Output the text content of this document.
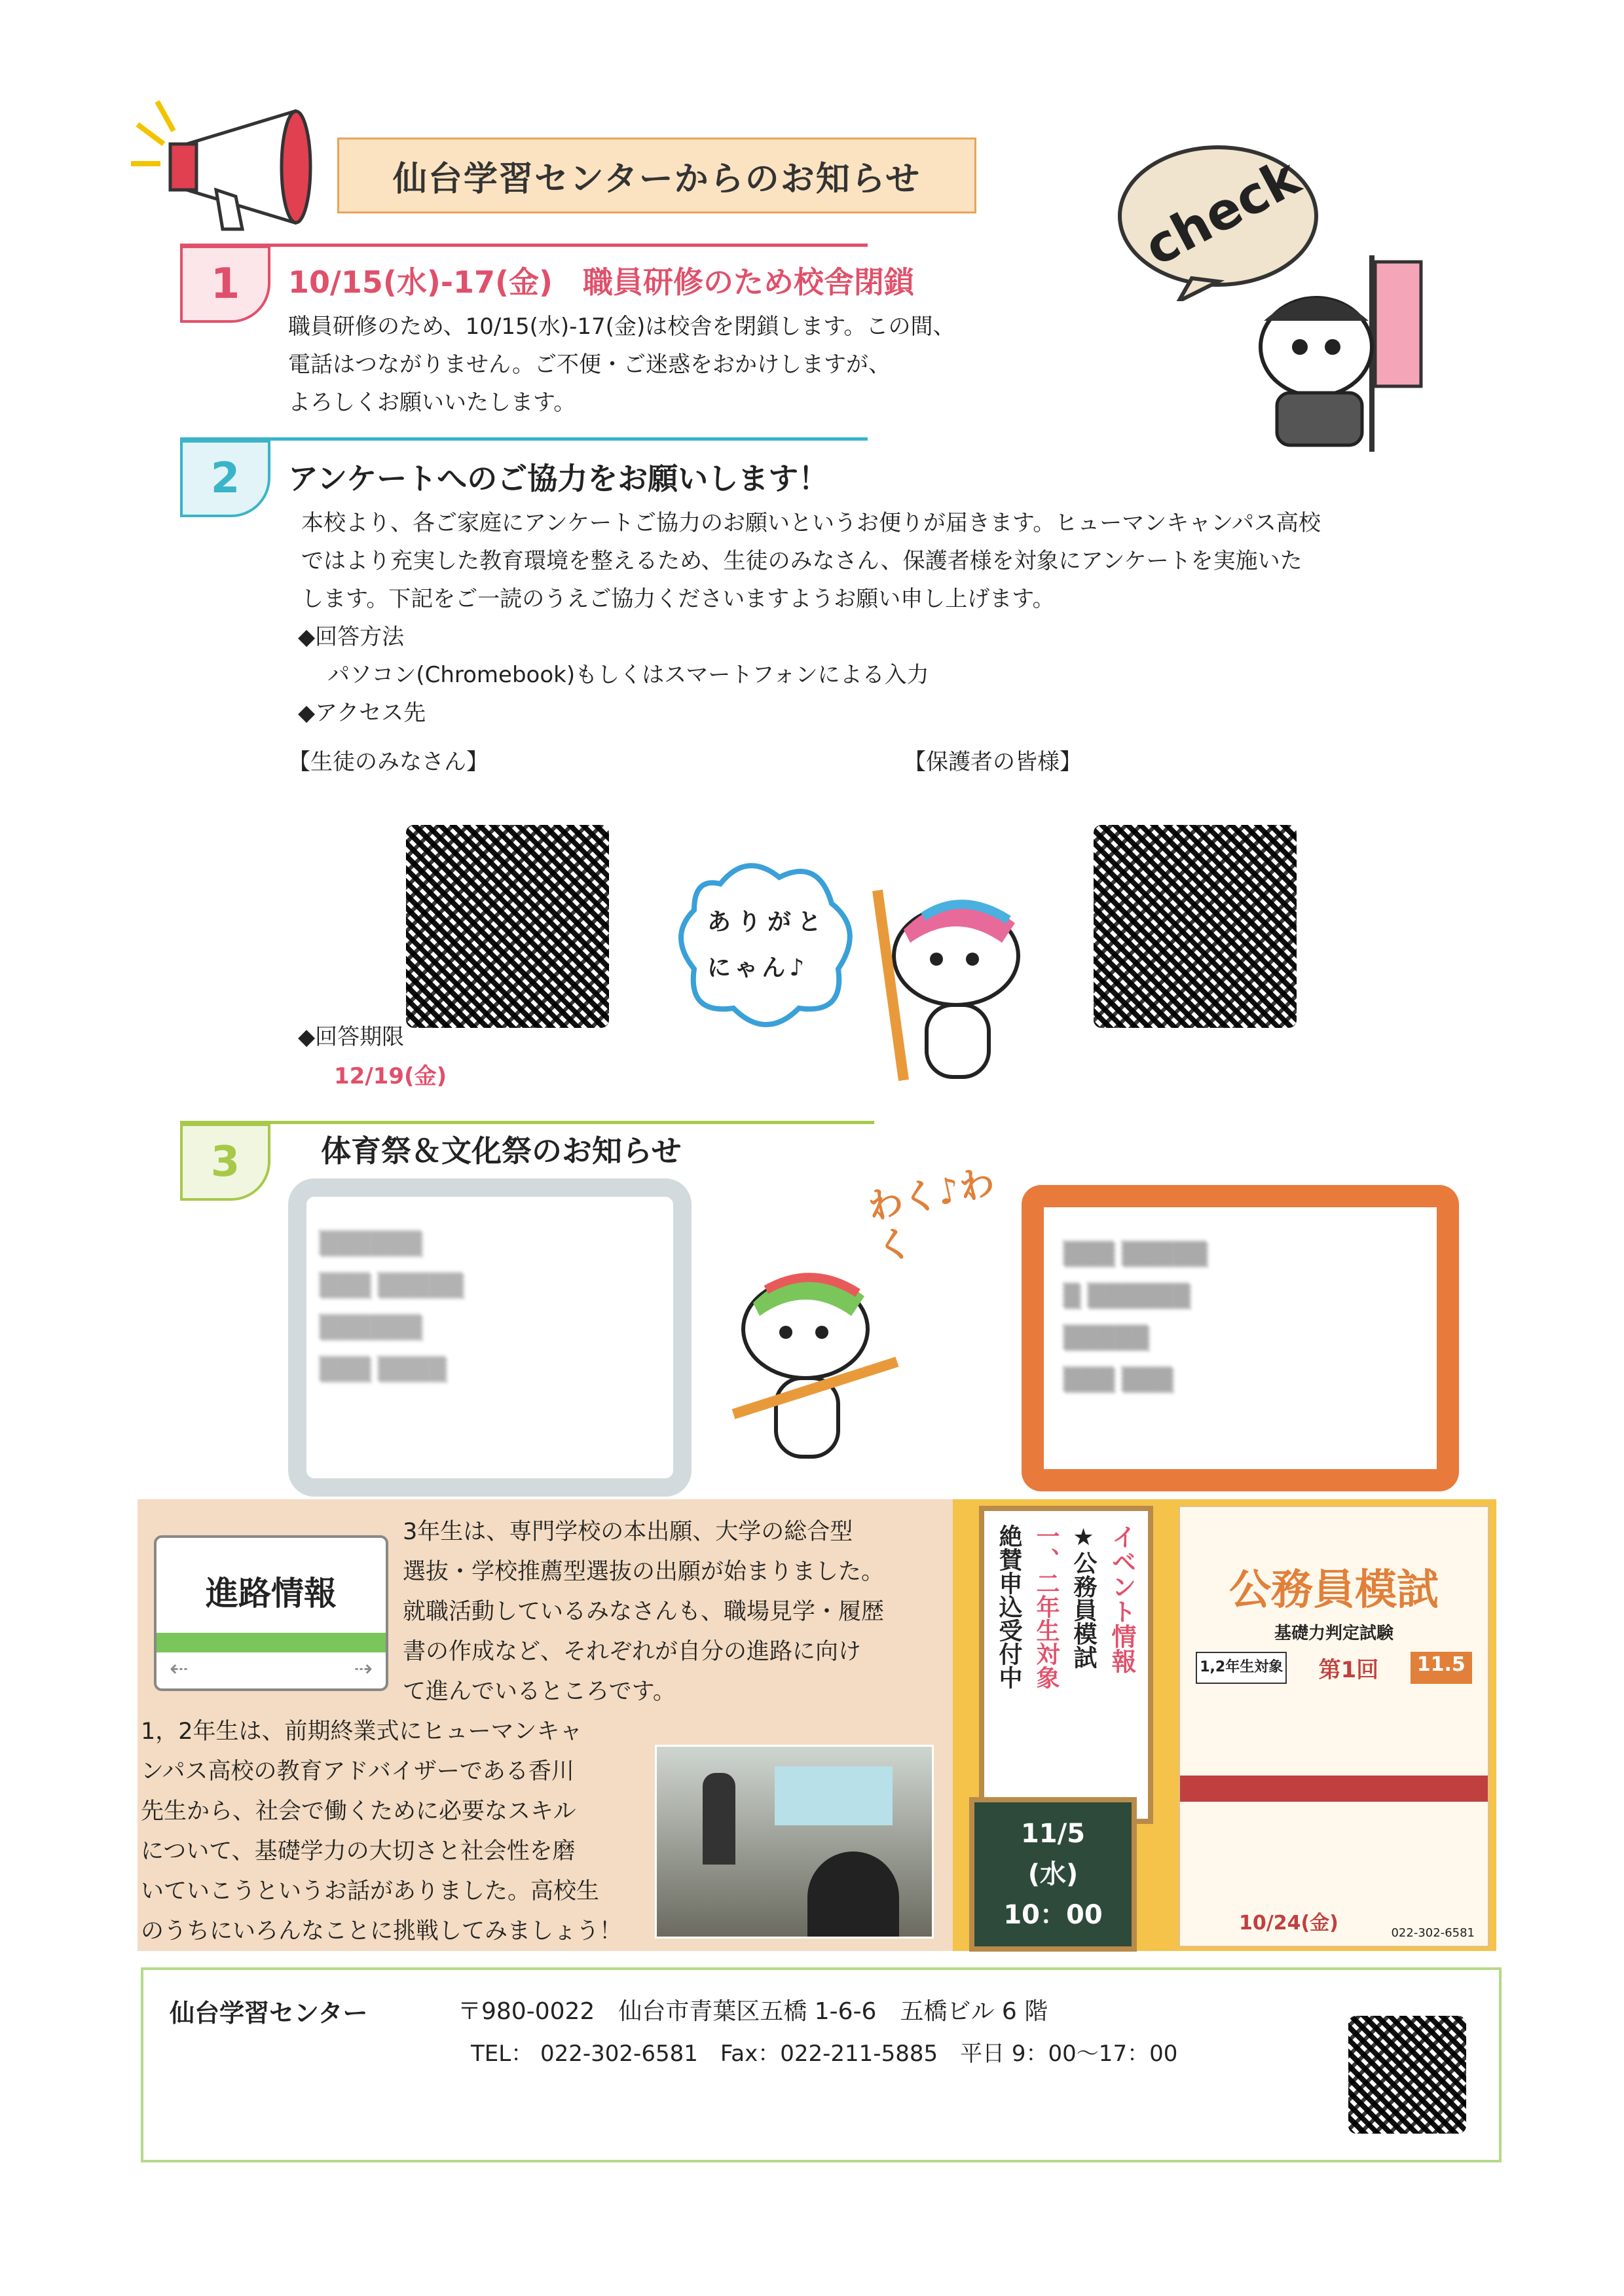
仙台学習センターからのお知らせ	check
1	10/15(水)-17(金)　職員研修のため校舎閉鎖
職員研修のため、10/15(水)-17(金)は校舎を閉鎖します。この間、
電話はつながりません。ご不便・ご迷惑をおかけしますが、
よろしくお願いいたします。
2	アンケートへのご協力をお願いします！
本校より、各ご家庭にアンケートご協力のお願いというお便りが届きます。ヒューマンキャンパス高校
ではより充実した教育環境を整えるため、生徒のみなさん、保護者様を対象にアンケートを実施いた
します。下記をご一読のうえご協力くださいますようお願い申し上げます。
◆回答方法
パソコン(Chromebook)もしくはスマートフォンによる入力
◆アクセス先
【生徒のみなさん】	【保護者の皆様】
ありがと
にゃん♪
◆回答期限
12/19(金)
3	体育祭＆文化祭のお知らせ
▒▒▒▒▒▒
▒▒▒ ▒▒▒▒▒
▒▒▒▒▒▒
▒▒▒ ▒▒▒▒
わく♪わく	▒▒▒ ▒▒▒▒▒
▒ ▒▒▒▒▒▒
▒▒▒▒▒
▒▒▒ ▒▒▒
進路情報
⇠	⇢
3年生は、専門学校の本出願、大学の総合型
選抜・学校推薦型選抜の出願が始まりました。
就職活動しているみなさんも、職場見学・履歴
書の作成など、それぞれが自分の進路に向け
て進んでいるところです。
1，2年生は、前期終業式にヒューマンキャ
ンパス高校の教育アドバイザーである香川
先生から、社会で働くために必要なスキル
について、基礎学力の大切さと社会性を磨
いていこうというお話がありました。高校生
のうちにいろんなことに挑戦してみましょう！
イベント情報
★公務員模試
一、二年生対象
絶賛申込受付中
11/5
(水)
10：00
公務員模試
基礎力判定試験
1,2年生対象 第1回	11.5
10/24(金)	022-302-6581
仙台学習センター	〒980-0022　仙台市青葉区五橋 1-6-6　五橋ビル 6 階
TEL： 022-302-6581　Fax：022-211-5885　平日 9：00～17：00
